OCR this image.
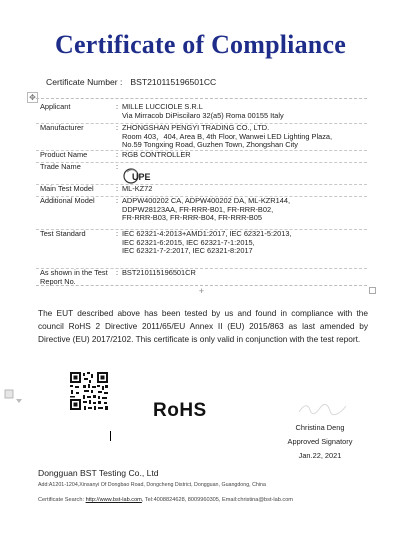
Certificate of Compliance
Certificate Number : BST210115196501CC
✥
Applicant	: MILLE LUCCIOLE S.R.L
Via Mirracob DiPiscilaro 32(a5) Roma 00155 Italy
Manufacturer	: ZHONGSHAN PENGYI TRADING CO., LTD.
Room 403，404, Area B, 4th Floor, Wanwei LED Lighting Plaza,
No.59 Tongxing Road, Guzhen Town, Zhongshan City
Product Name	: RGB CONTROLLER
Trade Name	:
UPE
Main Test Model	: ML-KZ72
Additional Model	: ADPW400202 CA, ADPW400202 DA, ML-KZR144,
DDPW28123AA, FR-RRR-B01, FR-RRR-B02,
FR-RRR-B03, FR-RRR-B04, FR-RRR-B05
Test Standard	: IEC 62321-4:2013+AMD1:2017, IEC 62321-5:2013,
IEC 62321-6:2015, IEC 62321-7-1:2015,
IEC 62321-7-2:2017, IEC 62321-8:2017
As shown in the Test Report No.
: BST210115196501CR
+
The EUT described above has been tested by us and found in compliance with the council RoHS 2 Directive 2011/65/EU Annex II (EU) 2015/863 as last amended by Directive (EU) 2017/2102. This certificate is only valid in conjunction with the test report.
RoHS
Christina Deng
Approved Signatory
Jan.22, 2021
Dongguan BST Testing Co., Ltd
Add:A1201-1204,Xinsanyi Of Dongbao Road, Dongcheng District, Dongguan, Guangdong, China
Certificate Search: http://www.bst-lab.com, Tel:4008824628, 8009960305, Email:christina@bst-lab.com
